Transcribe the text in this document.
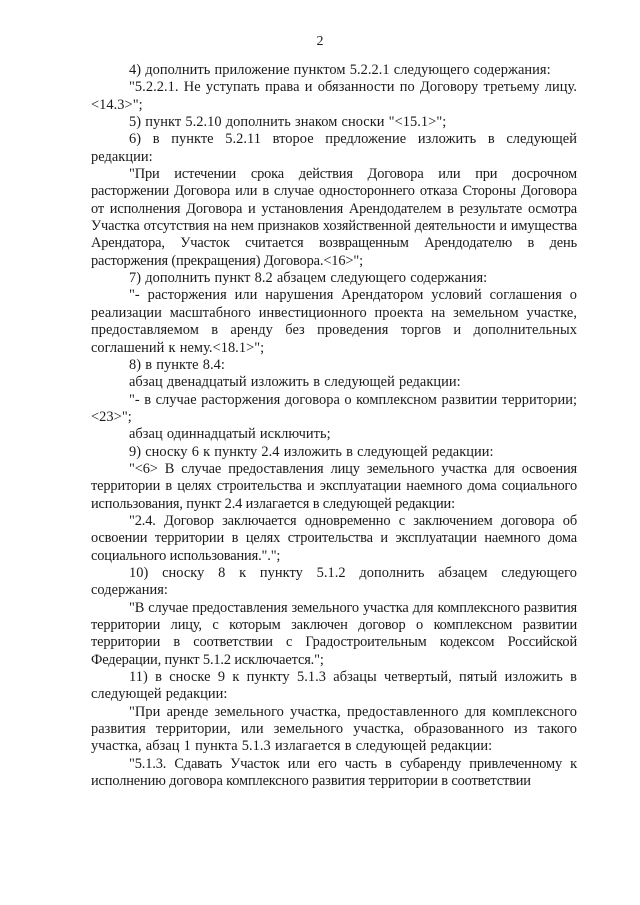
2

4) дополнить приложение пунктом 5.2.2.1 следующего содержания:

"5.2.2.1. Не уступать права и обязанности по Договору третьему лицу.<14.3>";

5) пункт 5.2.10 дополнить знаком сноски "<15.1>";

6) в пункте 5.2.11 второе предложение изложить в следующей редакции:

"При истечении срока действия Договора или при досрочном расторжении Договора или в случае одностороннего отказа Стороны Договора от исполнения Договора и установления Арендодателем в результате осмотра Участка отсутствия на нем признаков хозяйственной деятельности и имущества Арендатора, Участок считается возвращенным Арендодателю в день расторжения (прекращения) Договора.<16>";

7) дополнить пункт 8.2 абзацем следующего содержания:

"- расторжения или нарушения Арендатором условий соглашения о реализации масштабного инвестиционного проекта на земельном участке, предоставляемом в аренду без проведения торгов и дополнительных соглашений к нему.<18.1>";

8) в пункте 8.4:

абзац двенадцатый изложить в следующей редакции:

"- в случае расторжения договора о комплексном развитии территории;<23>";

абзац одиннадцатый исключить;

9) сноску 6 к пункту 2.4 изложить в следующей редакции:

"<6> В случае предоставления лицу земельного участка для освоения территории в целях строительства и эксплуатации наемного дома социального использования, пункт 2.4 излагается в следующей редакции:

"2.4. Договор заключается одновременно с заключением договора об освоении территории в целях строительства и эксплуатации наемного дома социального использования.".";

10) сноску 8 к пункту 5.1.2 дополнить абзацем следующего содержания:

"В случае предоставления земельного участка для комплексного развития территории лицу, с которым заключен договор о комплексном развитии территории в соответствии с Градостроительным кодексом Российской Федерации, пункт 5.1.2 исключается.";

11) в сноске 9 к пункту 5.1.3 абзацы четвертый, пятый изложить в следующей редакции:

"При аренде земельного участка, предоставленного для комплексного развития территории, или земельного участка, образованного из такого участка, абзац 1 пункта 5.1.3 излагается в следующей редакции:

"5.1.3. Сдавать Участок или его часть в субаренду привлеченному к исполнению договора комплексного развития территории в соответствии
